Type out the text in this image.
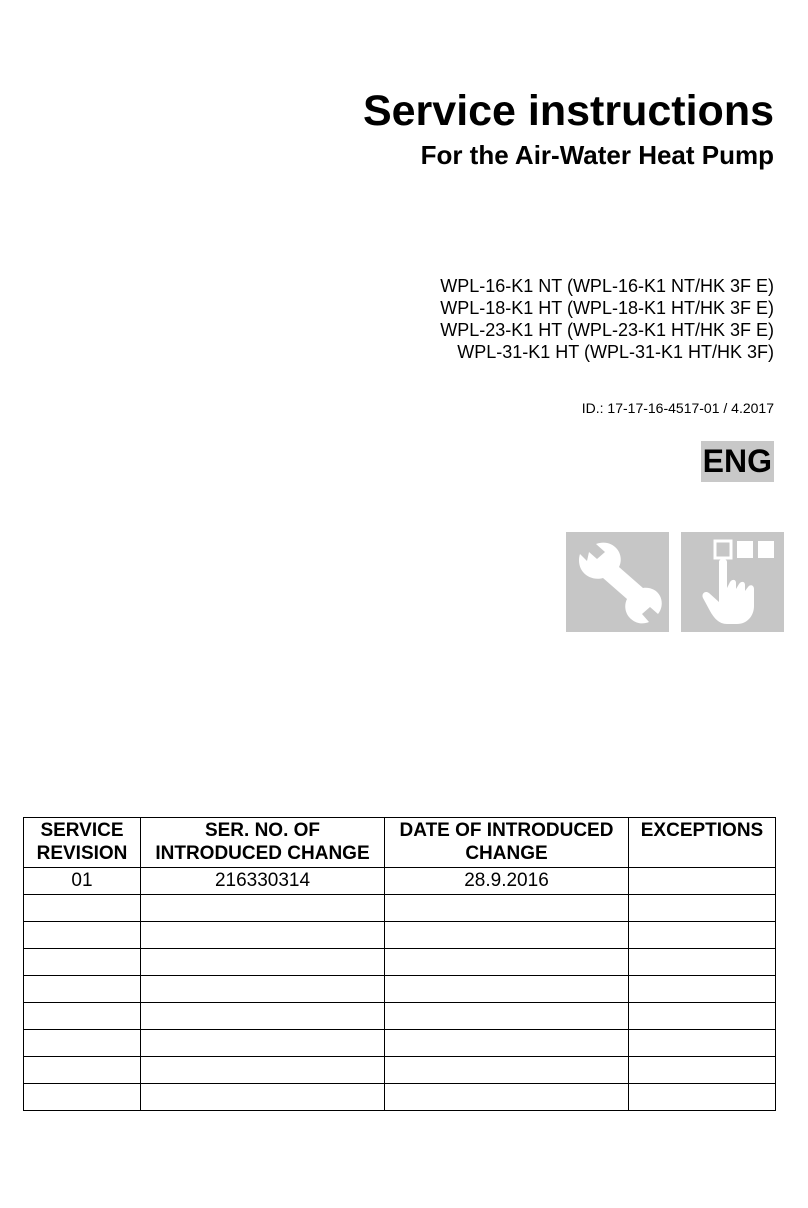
Service instructions
For the Air-Water Heat Pump
WPL-16-K1 NT (WPL-16-K1 NT/HK 3F E)
WPL-18-K1 HT (WPL-18-K1 HT/HK 3F E)
WPL-23-K1 HT (WPL-23-K1 HT/HK 3F E)
WPL-31-K1 HT (WPL-31-K1 HT/HK 3F)
ID.: 17-17-16-4517-01 / 4.2017
ENG
SERVICE REVISION	SER. NO. OF INTRODUCED CHANGE	DATE OF INTRODUCED CHANGE	EXCEPTIONS
01	216330314	28.9.2016	
